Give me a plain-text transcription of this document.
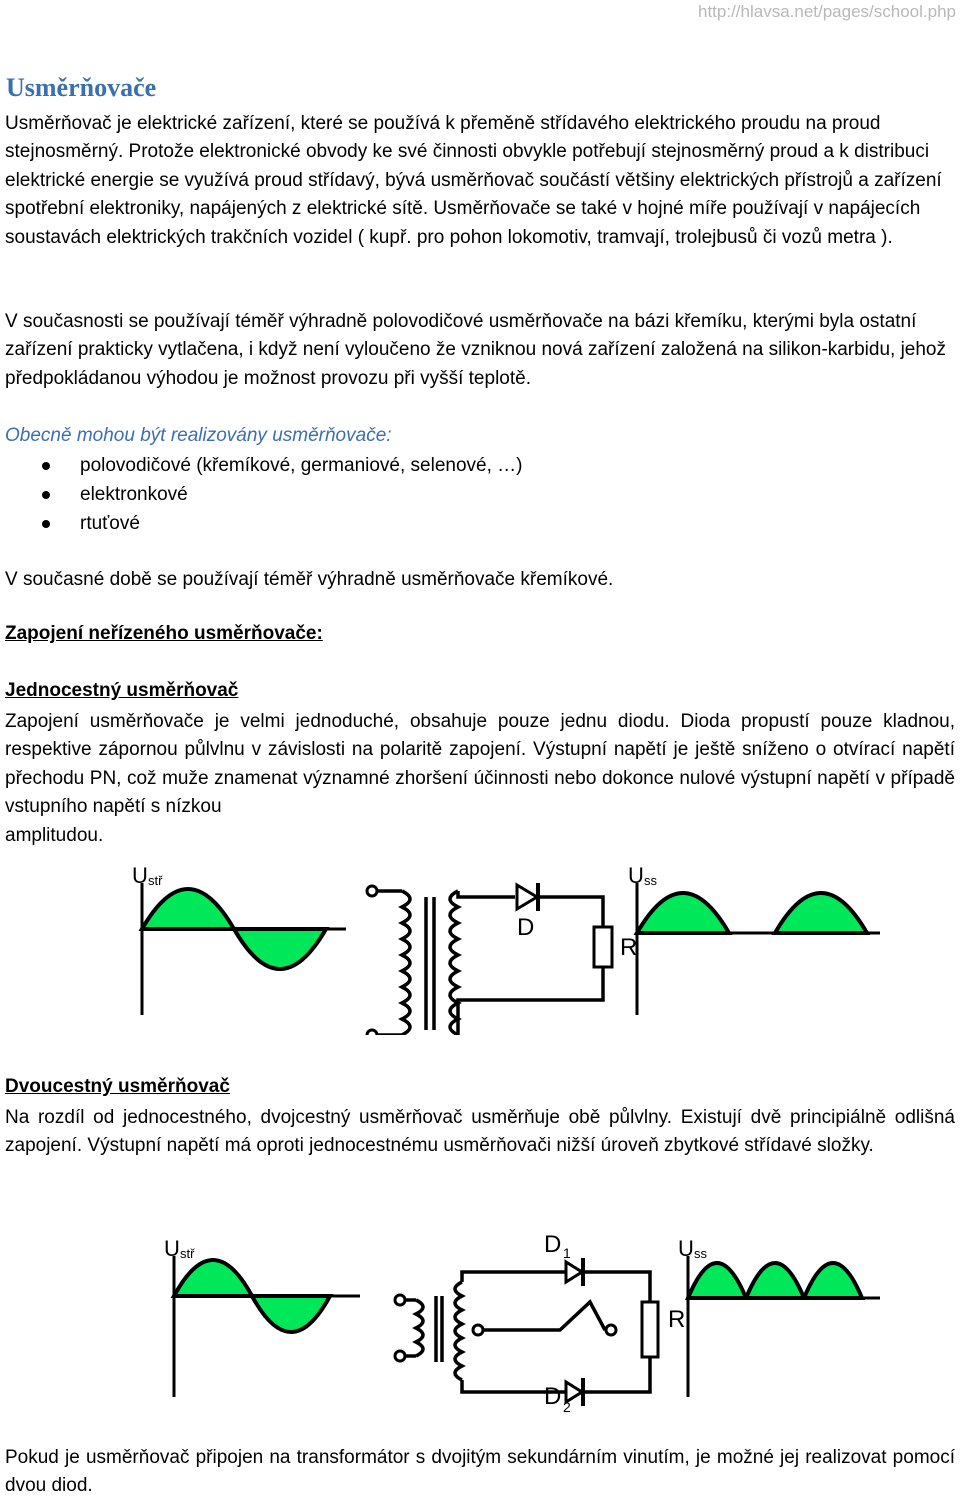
http://hlavsa.net/pages/school.php
Usměrňovače

Usměrňovač je elektrické zařízení, které se používá k přeměně střídavého elektrického proudu na proud stejnosměrný. Protože elektronické obvody ke své činnosti obvykle potřebují stejnosměrný proud a k distribuci elektrické energie se využívá proud střídavý, bývá usměrňovač součástí většiny elektrických přístrojů a zařízení spotřební elektroniky, napájených z elektrické sítě. Usměrňovače se také v hojné míře používají v napájecích soustavách elektrických trakčních vozidel ( kupř. pro pohon lokomotiv, tramvají, trolejbusů či vozů metra ).

V současnosti se používají téměř výhradně polovodičové usměrňovače na bázi křemíku, kterými byla ostatní zařízení prakticky vytlačena, i když není vyloučeno že vzniknou nová zařízení založená na silikon-karbidu, jehož předpokládanou výhodou je možnost provozu při vyšší teplotě.

Obecně mohou být realizovány usměrňovače:

polovodičové (křemíkové, germaniové, selenové, …)
elektronkové
rtuťové

V současné době se používají téměř výhradně usměrňovače křemíkové.

Zapojení neřízeného usměrňovače:

Jednocestný usměrňovač

Zapojení usměrňovače je velmi jednoduché, obsahuje pouze jednu diodu. Dioda propustí pouze kladnou, respektive zápornou půlvlnu v závislosti na polaritě zapojení. Výstupní napětí je ještě sníženo o otvírací napětí přechodu PN, což muže znamenat významné zhoršení účinnosti nebo dokonce nulové výstupní napětí v případě vstupního napětí s nízkou

amplitudou.

U stř
D
R
U ss

Dvoucestný usměrňovač

Na rozdíl od jednocestného, dvojcestný usměrňovač usměrňuje obě půlvlny. Existují dvě principiálně odlišná zapojení. Výstupní napětí má oproti jednocestnému usměrňovači nižší úroveň zbytkové střídavé složky.

U stř	D 1
D 2
R
U ss

Pokud je usměrňovač připojen na transformátor s dvojitým sekundárním vinutím, je možné jej realizovat pomocí dvou diod.
